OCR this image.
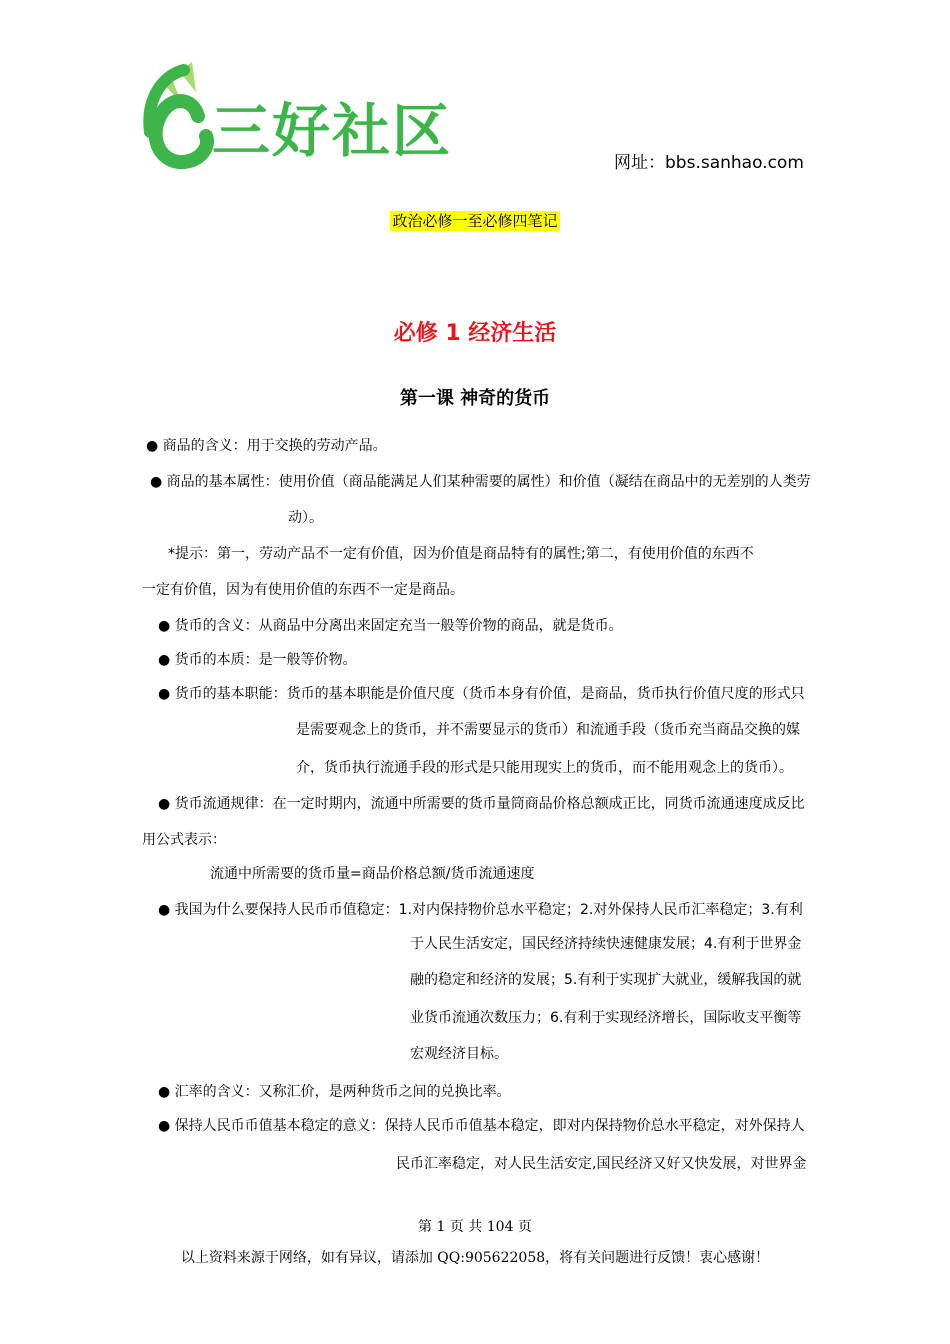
三好社区	网址：bbs.sanhao.com
政治必修一至必修四笔记
必修 1 经济生活
第一课 神奇的货币
● 商品的含义：用于交换的劳动产品。
● 商品的基本属性：使用价值（商品能满足人们某种需要的属性）和价值（凝结在商品中的无差别的人类劳
动）。
*提示：第一，劳动产品不一定有价值，因为价值是商品特有的属性;第二，有使用价值的东西不
一定有价值，因为有使用价值的东西不一定是商品。
● 货币的含义：从商品中分离出来固定充当一般等价物的商品，就是货币。
● 货币的本质：是一般等价物。
● 货币的基本职能：货币的基本职能是价值尺度（货币本身有价值，是商品，货币执行价值尺度的形式只
是需要观念上的货币，并不需要显示的货币）和流通手段（货币充当商品交换的媒
介，货币执行流通手段的形式是只能用现实上的货币，而不能用观念上的货币）。
● 货币流通规律：在一定时期内，流通中所需要的货币量筒商品价格总额成正比，同货币流通速度成反比
用公式表示：
流通中所需要的货币量=商品价格总额/货币流通速度
● 我国为什么要保持人民币币值稳定：1.对内保持物价总水平稳定；2.对外保持人民币汇率稳定；3.有利
于人民生活安定，国民经济持续快速健康发展；4.有利于世界金
融的稳定和经济的发展；5.有利于实现扩大就业，缓解我国的就
业货币流通次数压力；6.有利于实现经济增长，国际收支平衡等
宏观经济目标。
● 汇率的含义：又称汇价，是两种货币之间的兑换比率。
● 保持人民币币值基本稳定的意义：保持人民币币值基本稳定，即对内保持物价总水平稳定，对外保持人
民币汇率稳定，对人民生活安定,国民经济又好又快发展，对世界金
第 1 页 共 104 页
以上资料来源于网络，如有异议，请添加 QQ:905622058，将有关问题进行反馈！衷心感谢！
